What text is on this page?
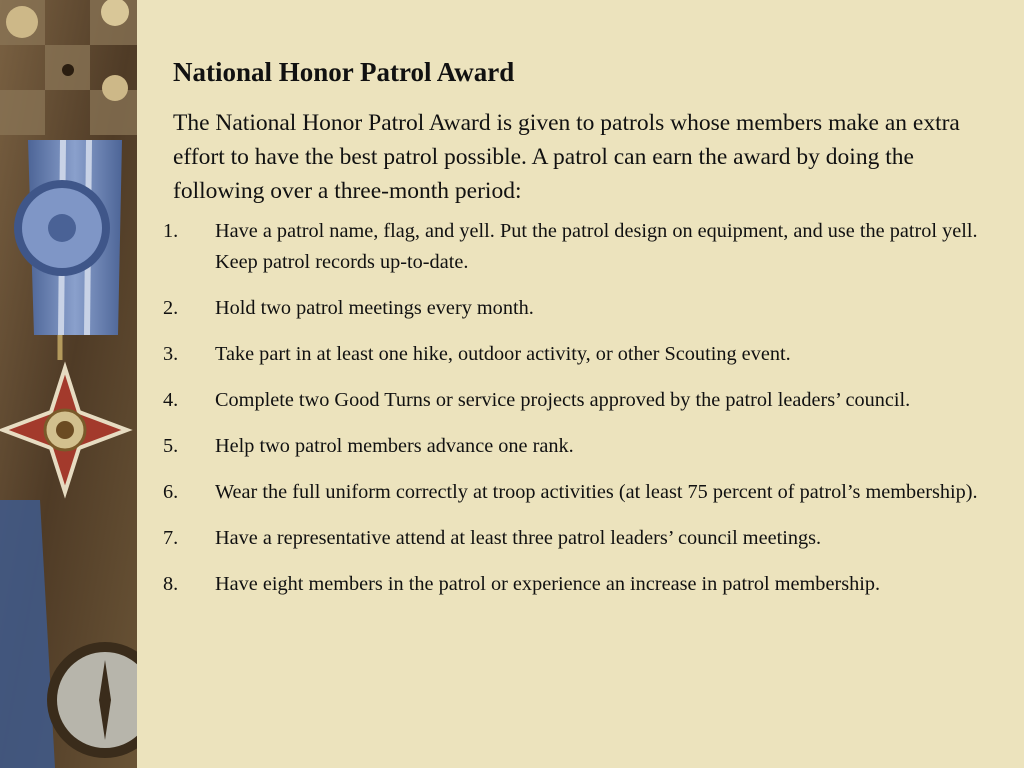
National Honor Patrol Award

The National Honor Patrol Award is given to patrols whose members make an extra effort to have the best patrol possible. A patrol can earn the award by doing the following over a three-month period:

1. Have a patrol name, flag, and yell. Put the patrol design on equipment, and use the patrol yell. Keep patrol records up-to-date.
2. Hold two patrol meetings every month.
3. Take part in at least one hike, outdoor activity, or other Scouting event.
4. Complete two Good Turns or service projects approved by the patrol leaders’ council.
5. Help two patrol members advance one rank.
6. Wear the full uniform correctly at troop activities (at least 75 percent of patrol’s membership).
7. Have a representative attend at least three patrol leaders’ council meetings.
8. Have eight members in the patrol or experience an increase in patrol membership.
